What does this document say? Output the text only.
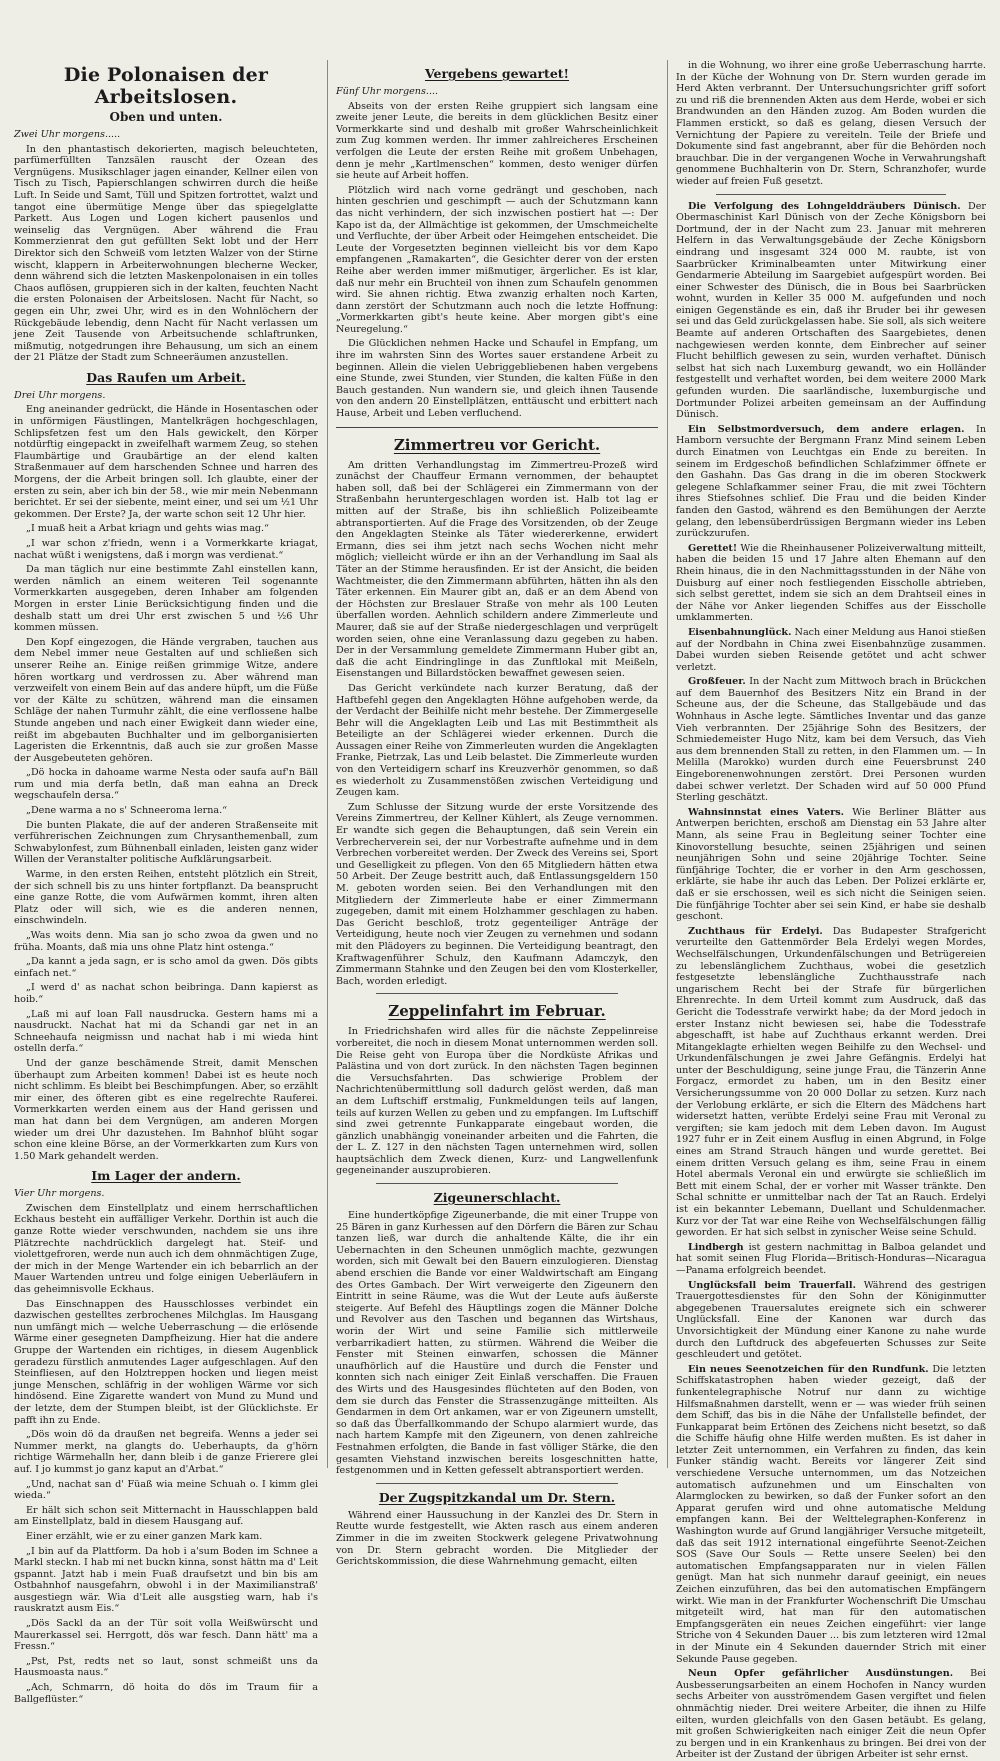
Die Polonaisen der Arbeitslosen.
Oben und unten.

Zwei Uhr morgens.....

In den phantastisch dekorierten, magisch beleuchteten, parfümerfüllten Tanzsälen rauscht der Ozean des Vergnügens. Musikschlager jagen einander, Kellner eilen von Tisch zu Tisch, Papierschlangen schwirren durch die heiße Luft. In Seide und Samt, Tüll und Spitzen fortrottet, walzt und tangot eine übermütige Menge über das spiegelglatte Parkett. Aus Logen und Logen kichert pausenlos und weinselig das Vergnügen. Aber während die Frau Kommerzienrat den gut gefüllten Sekt lobt und der Herr Direktor sich den Schweiß vom letzten Walzer von der Stirne wischt, klappern in Arbeiterwohnungen blecherne Wecker, denn während sich die letzten Maskenpolonaisen in ein tolles Chaos auflösen, gruppieren sich in der kalten, feuchten Nacht die ersten Polonaisen der Arbeitslosen. Nacht für Nacht, so gegen ein Uhr, zwei Uhr, wird es in den Wohnlöchern der Rückgebäude lebendig, denn Nacht für Nacht verlassen um jene Zeit Tausende von Arbeitsuchende schlaftrunken, mißmutig, notgedrungen ihre Behausung, um sich an einem der 21 Plätze der Stadt zum Schneeräumen anzustellen.

Das Raufen um Arbeit.

Drei Uhr morgens.

Eng aneinander gedrückt, die Hände in Hosentaschen oder in unförmigen Fäustlingen, Mantelkrägen hochgeschlagen, Schlipsfetzen fest um den Hals gewickelt, den Körper notdürftig eingepackt in zweifelhaft warmem Zeug, so stehen Flaumbärtige und Graubärtige an der elend kalten Straßenmauer auf dem harschenden Schnee und harren des Morgens, der die Arbeit bringen soll. Ich glaubte, einer der ersten zu sein, aber ich bin der 58., wie mir mein Nebenmann berichtet. Er sei der siebente, meint einer, und sei um ½1 Uhr gekommen. Der Erste? Ja, der warte schon seit 12 Uhr hier.

„I muaß heit a Arbat kriagn und gehts wias mag.“

„I war schon z'friedn, wenn i a Vormerkkarte kriagat, nachat wüßt i wenigstens, daß i morgn was verdienat.“

Da man täglich nur eine bestimmte Zahl einstellen kann, werden nämlich an einem weiteren Teil sogenannte Vormerkkarten ausgegeben, deren Inhaber am folgenden Morgen in erster Linie Berücksichtigung finden und die deshalb statt um drei Uhr erst zwischen 5 und ½6 Uhr kommen müssen.

Den Kopf eingezogen, die Hände vergraben, tauchen aus dem Nebel immer neue Gestalten auf und schließen sich unserer Reihe an. Einige reißen grimmige Witze, andere hören wortkarg und verdrossen zu. Aber während man verzweifelt von einem Bein auf das andere hüpft, um die Füße vor der Kälte zu schützen, während man die einsamen Schläge der nahen Turmuhr zählt, die eine verflossene halbe Stunde angeben und nach einer Ewigkeit dann wieder eine, reißt im abgebauten Buchhalter und im gelborganisierten Lageristen die Erkenntnis, daß auch sie zur großen Masse der Ausgebeuteten gehören.

„Dö hocka in dahoame warme Nesta oder saufa auf'n Bäll rum und mia derfa betln, daß man eahna an Dreck wegschaufeln dersa.“

„Dene warma a no s' Schneeroma lerna.“

Die bunten Plakate, die auf der anderen Straßenseite mit verführerischen Zeichnungen zum Chrysanthemenball, zum Schwabylonfest, zum Bühnenball einladen, leisten ganz wider Willen der Veranstalter politische Aufklärungsarbeit.

Warme, in den ersten Reihen, entsteht plötzlich ein Streit, der sich schnell bis zu uns hinter fortpflanzt. Da beansprucht eine ganze Rotte, die vom Aufwärmen kommt, ihren alten Platz oder will sich, wie es die anderen nennen, einschwindeln.

„Was woits denn. Mia san jo scho zwoa da gwen und no früha. Moants, daß mia uns ohne Platz hint ostenga.“

„Da kannt a jeda sagn, er is scho amol da gwen. Dös gibts einfach net.“

„I werd d' as nachat schon beibringa. Dann kapierst as hoib.“

„Laß mi auf loan Fall nausdrucka. Gestern hams mi a nausdruckt. Nachat hat mi da Schandi gar net in an Schneehaufa neigmissn und nachat hab i mi wieda hint ostelln derfa.“

Und der ganze beschämende Streit, damit Menschen überhaupt zum Arbeiten kommen! Dabei ist es heute noch nicht schlimm. Es bleibt bei Beschimpfungen. Aber, so erzählt mir einer, des öfteren gibt es eine regelrechte Rauferei. Vormerkkarten werden einem aus der Hand gerissen und man hat dann bei dem Vergnügen, am anderen Morgen wieder um drei Uhr dazustehen. Im Bahnhof blüht sogar schon eine kleine Börse, an der Vormerkkarten zum Kurs von 1.50 Mark gehandelt werden.

Im Lager der andern.

Vier Uhr morgens.

Zwischen dem Einstellplatz und einem herrschaftlichen Eckhaus besteht ein auffälliger Verkehr. Dorthin ist auch die ganze Rotte wieder verschwunden, nachdem sie uns ihre Plätzrechte nachdrücklich dargelegt hat. Steif- und violettgefroren, werde nun auch ich dem ohnmächtigen Zuge, der mich in der Menge Wartender ein ich bebarrlich an der Mauer Wartenden untreu und folge einigen Ueberläufern in das geheimnisvolle Eckhaus.

Das Einschnappen des Hausschlosses verbindet ein dazwischen gestelltes zerbrochenes Milchglas. Im Hausgang nun umfängt mich — welche Ueberraschung — die erlösende Wärme einer gesegneten Dampfheizung. Hier hat die andere Gruppe der Wartenden ein richtiges, in diesem Augenblick geradezu fürstlich anmutendes Lager aufgeschlagen. Auf den Steinfliesen, auf den Holztreppen hocken und liegen meist junge Menschen, schläfrig in der wohligen Wärme vor sich hindösend. Eine Zigarette wandert von Mund zu Mund und der letzte, dem der Stumpen bleibt, ist der Glücklichste. Er pafft ihn zu Ende.

„Dös woin dö da draußen net begreifa. Wenns a jeder sei Nummer merkt, na glangts do. Ueberhaupts, da g'hörn richtige Wärmehalln her, dann bleib i de ganze Frierere glei auf. I jo kummst jo ganz kaput an d'Arbat.“

„Und, nachat san d' Füaß wia meine Schuah o. I kimm glei wieda.“

Er hält sich schon seit Mitternacht in Hausschlappen bald am Einstellplatz, bald in diesem Hausgang auf.

Einer erzählt, wie er zu einer ganzen Mark kam.

„I bin auf da Plattform. Da hob i a'sum Boden im Schnee a Markl steckn. I hab mi net buckn kinna, sonst hättn ma d' Leit gspannt. Jatzt hab i mein Fuaß draufsetzt und bin bis am Ostbahnhof nausgefahrn, obwohl i in der Maximilianstraß' ausgestiegn wär. Wia d'Leit alle ausgstieg warn, hab i's rauskratzt ausm Eis.“

„Dös Sackl da an der Tür soit volla Weißwürscht und Maurerkassel sei. Herrgott, dös war fesch. Dann hätt' ma a Fressn.“

„Pst, Pst, redts net so laut, sonst schmeißt uns da Hausmoasta naus.“

„Ach, Schmarrn, dö hoita do dös im Traum fiir a Ballgeflüster.“

Vergebens gewartet!

Fünf Uhr morgens....

Abseits von der ersten Reihe gruppiert sich langsam eine zweite jener Leute, die bereits in dem glücklichen Besitz einer Vormerkkarte sind und deshalb mit großer Wahrscheinlichkeit zum Zug kommen werden. Ihr immer zahlreicheres Erscheinen verfolgen die Leute der ersten Reihe mit großem Unbehagen, denn je mehr „Kartlmenschen“ kommen, desto weniger dürfen sie heute auf Arbeit hoffen.

Plötzlich wird nach vorne gedrängt und geschoben, nach hinten geschrien und geschimpft — auch der Schutzmann kann das nicht verhindern, der sich inzwischen postiert hat —: Der Kapo ist da, der Allmächtige ist gekommen, der Umschmeichelte und Verfluchte, der über Arbeit oder Heimgehen entscheidet. Die Leute der Vorgesetzten beginnen vielleicht bis vor dem Kapo empfangenen „Ramakarten“, die Gesichter derer von der ersten Reihe aber werden immer mißmutiger, ärgerlicher. Es ist klar, daß nur mehr ein Bruchteil von ihnen zum Schaufeln genommen wird. Sie ahnen richtig. Etwa zwanzig erhalten noch Karten, dann zerstört der Schutzmann auch noch die letzte Hoffnung: „Vormerkkarten gibt's heute keine. Aber morgen gibt's eine Neuregelung.“

Die Glücklichen nehmen Hacke und Schaufel in Empfang, um ihre im wahrsten Sinn des Wortes sauer erstandene Arbeit zu beginnen. Allein die vielen Uebriggebliebenen haben vergebens eine Stunde, zwei Stunden, vier Stunden, die kalten Füße in den Bauch gestanden. Nun wandern sie, und gleich ihnen Tausende von den andern 20 Einstellplätzen, enttäuscht und erbittert nach Hause, Arbeit und Leben verfluchend.

Zimmertreu vor Gericht.

Am dritten Verhandlungstag im Zimmertreu-Prozeß wird zunächst der Chauffeur Ermann vernommen, der behauptet haben soll, daß bei der Schlägerei ein Zimmermann von der Straßenbahn heruntergeschlagen worden ist. Halb tot lag er mitten auf der Straße, bis ihn schließlich Polizeibeamte abtransportierten. Auf die Frage des Vorsitzenden, ob der Zeuge den Angeklagten Steinke als Täter wiedererkenne, erwidert Ermann, dies sei ihm jetzt nach sechs Wochen nicht mehr möglich; vielleicht würde er ihn an der Verhandlung im Saal als Täter an der Stimme herausfinden. Er ist der Ansicht, die beiden Wachtmeister, die den Zimmermann abführten, hätten ihn als den Täter erkennen. Ein Maurer gibt an, daß er an dem Abend von der Höchsten zur Breslauer Straße von mehr als 100 Leuten überfallen worden. Aehnlich schildern andere Zimmerleute und Maurer, daß sie auf der Straße niedergeschlagen und verprügelt worden seien, ohne eine Veranlassung dazu gegeben zu haben. Der in der Versammlung gemeldete Zimmermann Huber gibt an, daß die acht Eindringlinge in das Zunftlokal mit Meißeln, Eisenstangen und Billardstöcken bewaffnet gewesen seien.

Das Gericht verkündete nach kurzer Beratung, daß der Haftbefehl gegen den Angeklagten Höhne aufgehoben werde, da der Verdacht der Beihilfe nicht mehr bestehe. Der Zimmergeselle Behr will die Angeklagten Leib und Las mit Bestimmtheit als Beteiligte an der Schlägerei wieder erkennen. Durch die Aussagen einer Reihe von Zimmerleuten wurden die Angeklagten Franke, Pietrzak, Las und Leib belastet. Die Zimmerleute wurden von den Verteidigern scharf ins Kreuzverhör genommen, so daß es wiederholt zu Zusammenstößen zwischen Verteidigung und Zeugen kam.

Zum Schlusse der Sitzung wurde der erste Vorsitzende des Vereins Zimmertreu, der Kellner Kühlert, als Zeuge vernommen. Er wandte sich gegen die Behauptungen, daß sein Verein ein Verbrecherverein sei, der nur Vorbestrafte aufnehme und in dem Verbrechen vorbereitet werden. Der Zweck des Vereins sei, Sport und Geselligkeit zu pflegen. Von den 65 Mitgliedern hätten etwa 50 Arbeit. Der Zeuge bestritt auch, daß Entlassungsgeldern 150 M. geboten worden seien. Bei den Verhandlungen mit den Mitgliedern der Zimmerleute habe er einer Zimmermann zugegeben, damit mit einem Holzhammer geschlagen zu haben. Das Gericht beschloß, trotz gegenteiliger Anträge der Verteidigung, heute noch vier Zeugen zu vernehmen und sodann mit den Plädoyers zu beginnen. Die Verteidigung beantragt, den Kraftwagenführer Schulz, den Kaufmann Adamczyk, den Zimmermann Stahnke und den Zeugen bei den vom Klosterkeller, Bach, worden erledigt.

Zeppelinfahrt im Februar.

In Friedrichshafen wird alles für die nächste Zeppelinreise vorbereitet, die noch in diesem Monat unternommen werden soll. Die Reise geht von Europa über die Nordküste Afrikas und Palästina und von dort zurück. In den nächsten Tagen beginnen die Versuchsfahrten. Das schwierige Problem der Nachrichtenübermittlung soll dadurch gelöst werden, daß man an dem Luftschiff erstmalig, Funkmeldungen teils auf langen, teils auf kurzen Wellen zu geben und zu empfangen. Im Luftschiff sind zwei getrennte Funkapparate eingebaut worden, die gänzlich unabhängig voneinander arbeiten und die Fahrten, die der L. Z. 127 in den nächsten Tagen unternehmen wird, sollen hauptsächlich dem Zweck dienen, Kurz- und Langwellenfunk gegeneinander auszuprobieren.

Zigeunerschlacht.

Eine hundertköpfige Zigeunerbande, die mit einer Truppe von 25 Bären in ganz Kurhessen auf den Dörfern die Bären zur Schau tanzen ließ, war durch die anhaltende Kälte, die ihr ein Uebernachten in den Scheunen unmöglich machte, gezwungen worden, sich mit Gewalt bei den Bauern einzulogieren. Dienstag abend erschien die Bande vor einer Waldwirtschaft am Eingang des Ortes Gambach. Der Wirt verweigerte den Zigeunern den Eintritt in seine Räume, was die Wut der Leute aufs äußerste steigerte. Auf Befehl des Häuptlings zogen die Männer Dolche und Revolver aus den Taschen und begannen das Wirtshaus, worin der Wirt und seine Familie sich mittlerweile verbarrikadiert hatten, zu stürmen. Während die Weiber die Fenster mit Steinen einwarfen, schossen die Männer unaufhörlich auf die Haustüre und durch die Fenster und konnten sich nach einiger Zeit Einlaß verschaffen. Die Frauen des Wirts und des Hausgesindes flüchteten auf den Boden, von dem sie durch das Fenster die Strassenzugänge mitteilten. Als Gendarmen in dem Ort ankamen, war er von Zigeunern umstellt, so daß das Überfallkommando der Schupo alarmiert wurde, das nach hartem Kampfe mit den Zigeunern, von denen zahlreiche Festnahmen erfolgten, die Bande in fast völliger Stärke, die den gesamten Viehstand inzwischen bereits losgeschnitten hatte, festgenommen und in Ketten gefesselt abtransportiert werden.

Der Zugspitzkandal um Dr. Stern.

Während einer Haussuchung in der Kanzlei des Dr. Stern in Reutte wurde festgestellt, wie Akten rasch aus einem anderen Zimmer in die im zweiten Stockwerk gelegene Privatwohnung von Dr. Stern gebracht worden. Die Mitglieder der Gerichtskommission, die diese Wahrnehmung gemacht, eilten

in die Wohnung, wo ihrer eine große Ueberraschung harrte. In der Küche der Wohnung von Dr. Stern wurden gerade im Herd Akten verbrannt. Der Untersuchungsrichter griff sofort zu und riß die brennenden Akten aus dem Herde, wobei er sich Brandwunden an den Händen zuzog. Am Boden wurden die Flammen erstickt, so daß es gelang, diesen Versuch der Vernichtung der Papiere zu vereiteln. Teile der Briefe und Dokumente sind fast angebrannt, aber für die Behörden noch brauchbar. Die in der vergangenen Woche in Verwahrungshaft genommene Buchhalterin von Dr. Stern, Schranzhofer, wurde wieder auf freien Fuß gesetzt.

Die Verfolgung des Lohngelddräubers Dünisch. Der Obermaschinist Karl Dünisch von der Zeche Königsborn bei Dortmund, der in der Nacht zum 23. Januar mit mehreren Helfern in das Verwaltungsgebäude der Zeche Königsborn eindrang und insgesamt 324 000 M. raubte, ist von Saarbrücker Kriminalbeamten unter Mitwirkung einer Gendarmerie Abteilung im Saargebiet aufgespürt worden. Bei einer Schwester des Dünisch, die in Bous bei Saarbrücken wohnt, wurden in Keller 35 000 M. aufgefunden und noch einigen Gegenstände es ein, daß ihr Bruder bei ihr gewesen sei und das Geld zurückgelassen habe. Sie soll, als sich weitere Beamte auf anderen Ortschaften des Saargebietes, denen nachgewiesen werden konnte, dem Einbrecher auf seiner Flucht behilflich gewesen zu sein, wurden verhaftet. Dünisch selbst hat sich nach Luxemburg gewandt, wo ein Holländer festgestellt und verhaftet worden, bei dem weitere 2000 Mark gefunden wurden. Die saarländische, luxemburgische und Dortmunder Polizei arbeiten gemeinsam an der Auffindung Dünisch.

Ein Selbstmordversuch, dem andere erlagen. In Hamborn versuchte der Bergmann Franz Mind seinem Leben durch Einatmen von Leuchtgas ein Ende zu bereiten. In seinem im Erdgeschoß befindlichen Schlafzimmer öffnete er den Gashahn. Das Gas drang in die im oberen Stockwerk gelegene Schlafkammer seiner Frau, die mit zwei Töchtern ihres Stiefsohnes schlief. Die Frau und die beiden Kinder fanden den Gastod, während es den Bemühungen der Aerzte gelang, den lebensüberdrüssigen Bergmann wieder ins Leben zurückzurufen.

Gerettet! Wie die Rheinhausener Polizeiverwaltung mitteilt, haben die beiden 15 und 17 Jahre alten Ehemann auf den Rhein hinaus, die in den Nachmittagsstunden in der Nähe von Duisburg auf einer noch festliegenden Eisscholle abtrieben, sich selbst gerettet, indem sie sich an dem Drahtseil eines in der Nähe vor Anker liegenden Schiffes aus der Eisscholle umklammerten.

Eisenbahnunglück. Nach einer Meldung aus Hanoi stießen auf der Nordbahn in China zwei Eisenbahnzüge zusammen. Dabei wurden sieben Reisende getötet und acht schwer verletzt.

Großfeuer. In der Nacht zum Mittwoch brach in Brückchen auf dem Bauernhof des Besitzers Nitz ein Brand in der Scheune aus, der die Scheune, das Stallgebäude und das Wohnhaus in Asche legte. Sämtliches Inventar und das ganze Vieh verbrannten. Der 25jährige Sohn des Besitzers, der Schmiedemeister Hugo Nitz, kam bei dem Versuch, das Vieh aus dem brennenden Stall zu retten, in den Flammen um. — In Melilla (Marokko) wurden durch eine Feuersbrunst 240 Eingeborenenwohnungen zerstört. Drei Personen wurden dabei schwer verletzt. Der Schaden wird auf 50 000 Pfund Sterling geschätzt.

Wahnsinnstat eines Vaters. Wie Berliner Blätter aus Antwerpen berichten, erschoß am Dienstag ein 53 Jahre alter Mann, als seine Frau in Begleitung seiner Tochter eine Kinovorstellung besuchte, seinen 25jährigen und seinen neunjährigen Sohn und seine 20jährige Tochter. Seine fünfjährige Tochter, die er vorher in den Arm geschossen, erklärte, sie habe ihr auch das Leben. Der Polizei erklärte er, daß er sie erschossen, weil es sich nicht die Seinigen seien. Die fünfjährige Tochter aber sei sein Kind, er habe sie deshalb geschont.

Zuchthaus für Erdelyi. Das Budapester Strafgericht verurteilte den Gattenmörder Bela Erdelyi wegen Mordes, Wechselfälschungen, Urkundenfälschungen und Betrügereien zu lebenslänglichem Zuchthaus, wobei die gesetzlich festgesetzte lebenslängliche Zuchthausstrafe nach ungarischem Recht bei der Strafe für bürgerlichen Ehrenrechte. In dem Urteil kommt zum Ausdruck, daß das Gericht die Todesstrafe verwirkt habe; da der Mord jedoch in erster Instanz nicht bewiesen sei, habe die Todesstrafe abgeschafft, ist habe auf Zuchthaus erkannt werden. Drei Mitangeklagte erhielten wegen Beihilfe zu den Wechsel- und Urkundenfälschungen je zwei Jahre Gefängnis. Erdelyi hat unter der Beschuldigung, seine junge Frau, die Tänzerin Anne Forgacz, ermordet zu haben, um in den Besitz einer Versicherungssumme von 20 000 Dollar zu setzen. Kurz nach der Verlobung erklärte, er sich die Eltern des Mädchens hart widersetzt hatten, verübte Erdelyi seine Frau mit Veronal zu vergiften; sie kam jedoch mit dem Leben davon. Im August 1927 fuhr er in Zeit einem Ausflug in einen Abgrund, in Folge eines am Strand Strauch hängen und wurde gerettet. Bei einem dritten Versuch gelang es ihm, seine Frau in einem Hotel abermals Veronal ein und erwürgte sie schließlich im Bett mit einem Schal, der er vorher mit Wasser tränkte. Den Schal schnitte er unmittelbar nach der Tat an Rauch. Erdelyi ist ein bekannter Lebemann, Duellant und Schuldenmacher. Kurz vor der Tat war eine Reihe von Wechselfälschungen fällig geworden. Er hat sich selbst in zynischer Weise seine Schuld.

Lindbergh ist gestern nachmittag in Balboa gelandet und hat somit seinen Flug Florida—Britisch-Honduras—Nicaragua—Panama erfolgreich beendet.

Unglücksfall beim Trauerfall. Während des gestrigen Trauergottesdienstes für den Sohn der Königinmutter abgegebenen Trauersalutes ereignete sich ein schwerer Unglücksfall. Eine der Kanonen war durch das Unvorsichtigkeit der Mündung einer Kanone zu nahe wurde durch den Luftdruck des abgefeuerten Schusses zur Seite geschleudert und getötet.

Ein neues Seenotzeichen für den Rundfunk. Die letzten Schiffskatastrophen haben wieder gezeigt, daß der funkentelegraphische Notruf nur dann zu wichtige Hilfsmaßnahmen darstellt, wenn er — was wieder früh seinen dem Schiff, das bis in die Nähe der Unfallstelle befindet, der Funkapparat beim Ertönen des Zeichens nicht besetzt, so daß die Schiffe häufig ohne Hilfe werden mußten. Es ist daher in letzter Zeit unternommen, ein Verfahren zu finden, das kein Funker ständig wacht. Bereits vor längerer Zeit sind verschiedene Versuche unternommen, um das Notzeichen automatisch aufzunehmen und um Einschalten von Alarmglocken zu bewirken, so daß der Funker sofort an den Apparat gerufen wird und ohne automatische Meldung empfangen kann. Bei der Welttelegraphen-Konferenz in Washington wurde auf Grund langjähriger Versuche mitgeteilt, daß das seit 1912 international eingeführte Seenot-Zeichen SOS (Save Our Souls — Rette unsere Seelen) bei den automatischen Empfangsapparaten nur in vielen Fällen genügt. Man hat sich nunmehr darauf geeinigt, ein neues Zeichen einzuführen, das bei den automatischen Empfängern wirkt. Wie man in der Frankfurter Wochenschrift Die Umschau mitgeteilt wird, hat man für den automatischen Empfangsgeräten ein neues Zeichen eingeführt: vier lange Striche von 4 Sekunden Dauer ... bis zum letzteren wird 12mal in der Minute ein 4 Sekunden dauernder Strich mit einer Sekunde Pause gegeben.

Neun Opfer gefährlicher Ausdünstungen. Bei Ausbesserungsarbeiten an einem Hochofen in Nancy wurden sechs Arbeiter von ausströmendem Gasen vergiftet und fielen ohnmächtig nieder. Drei weitere Arbeiter, die ihnen zu Hilfe eilten, wurden gleichfalls von den Gasen betäubt. Es gelang, mit großen Schwierigkeiten nach einiger Zeit die neun Opfer zu bergen und in ein Krankenhaus zu bringen. Bei drei von der Arbeiter ist der Zustand der übrigen Arbeiter ist sehr ernst.
